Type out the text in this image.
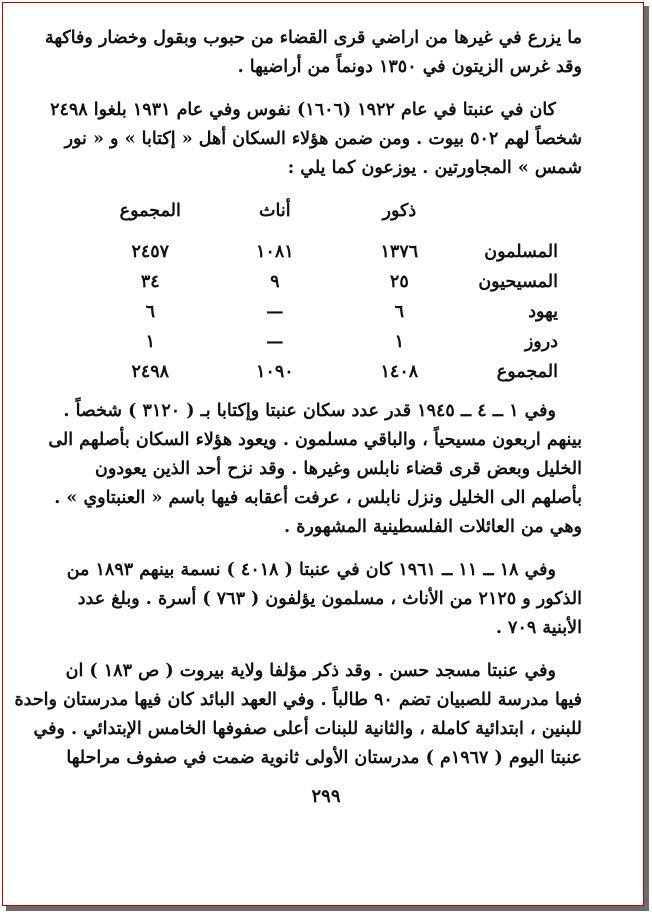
ما يزرع في غيرها من اراضي قرى القضاء من حبوب وبقول وخضار وفاكهة
وقد غرس الزيتون في ١٣٥٠ دونماً من أراضيها .
كان في عنبتا في عام ١٩٢٢ (١٦٠٦) نفوس وفي عام ١٩٣١ بلغوا ٢٤٩٨
شخصاً لهم ٥٠٢ بيوت . ومن ضمن هؤلاء السكان أهل « إكتابا » و « نور
شمس » المجاورتين . يوزعون كما يلي :
	ذكور	أناث	المجموع
المسلمون	١٣٧٦	١٠٨١	٢٤٥٧
المسيحيون	٢٥	٩	٣٤
يهود	٦	—	٦
دروز	١	—	١
المجموع	١٤٠٨	١٠٩٠	٢٤٩٨
وفي ١ ــ ٤ ــ ١٩٤٥ قدر عدد سكان عنبتا وإكتابا بـ ( ٣١٢٠ ) شخصاً .
بينهم اربعون مسيحياً ، والباقي مسلمون . ويعود هؤلاء السكان بأصلهم الى
الخليل وبعض قرى قضاء نابلس وغيرها . وقد نزح أحد الذين يعودون
بأصلهم الى الخليل ونزل نابلس ، عرفت أعقابه فيها باسم « العنبتاوي » .
وهي من العائلات الفلسطينية المشهورة .
وفي ١٨ ــ ١١ ــ ١٩٦١ كان في عنبتا ( ٤٠١٨ ) نسمة بينهم ١٨٩٣ من
الذكور و ٢١٢٥ من الأناث ، مسلمون يؤلفون ( ٧٦٣ ) أسرة . وبلغ عدد
الأبنية ٧٠٩ .
وفي عنبتا مسجد حسن . وقد ذكر مؤلفا ولاية بيروت ( ص ١٨٣ ) ان
فيها مدرسة للصبيان تضم ٩٠ طالباً . وفي العهد البائد كان فيها مدرستان واحدة
للبنين ، ابتدائية كاملة ، والثانية للبنات أعلى صفوفها الخامس الإبتدائي . وفي
عنبتا اليوم ( ١٩٦٧م ) مدرستان الأولى ثانوية ضمت في صفوف مراحلها
٢٩٩
